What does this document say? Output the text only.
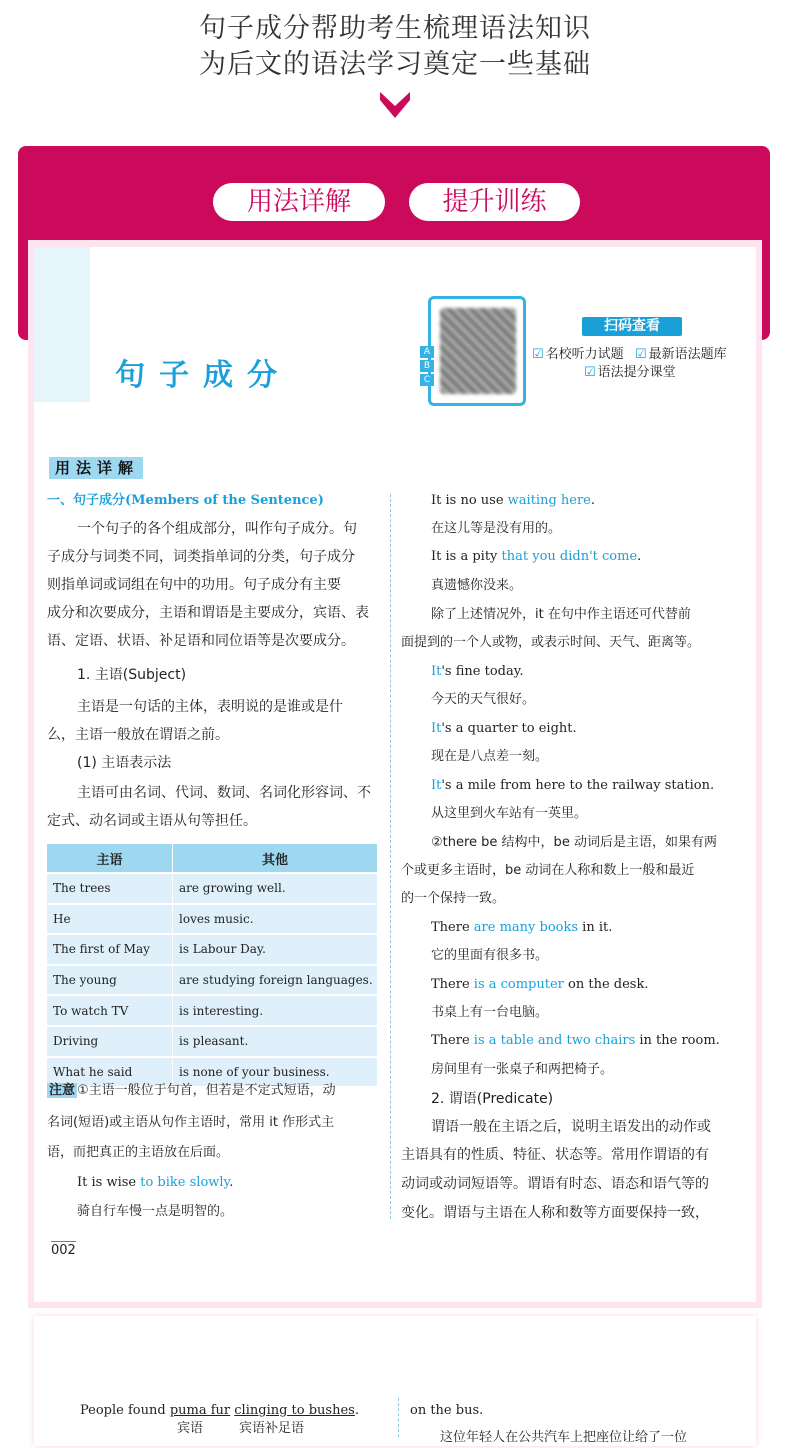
句子成分帮助考生梳理语法知识
为后文的语法学习奠定一些基础
用法详解	提升训练
句子成分
A
B
C
扫码查看
☑ 名校听力试题	☑ 最新语法题库
☑ 语法提分课堂
用法详解
一、句子成分(Members of the Sentence)
一个句子的各个组成部分，叫作句子成分。句
子成分与词类不同，词类指单词的分类，句子成分
则指单词或词组在句中的功用。句子成分有主要
成分和次要成分，主语和谓语是主要成分，宾语、表
语、定语、状语、补足语和同位语等是次要成分。
1. 主语(Subject)
主语是一句话的主体，表明说的是谁或是什
么，主语一般放在谓语之前。
(1) 主语表示法
主语可由名词、代词、数词、名词化形容词、不
定式、动名词或主语从句等担任。
主语	其他
The trees	are growing well.
He	loves music.
The first of May	is Labour Day.
The young	are studying foreign languages.
To watch TV	is interesting.
Driving	is pleasant.
What he said	is none of your business.
注意 ①主语一般位于句首，但若是不定式短语，动
名词(短语)或主语从句作主语时，常用 it 作形式主
语，而把真正的主语放在后面。
It is wise to bike slowly.
骑自行车慢一点是明智的。
It is no use waiting here.
在这儿等是没有用的。
It is a pity that you didn't come.
真遗憾你没来。
除了上述情况外，it 在句中作主语还可代替前
面提到的一个人或物，或表示时间、天气、距离等。
It's fine today.
今天的天气很好。
It's a quarter to eight.
现在是八点差一刻。
It's a mile from here to the railway station.
从这里到火车站有一英里。
②there be 结构中，be 动词后是主语，如果有两
个或更多主语时，be 动词在人称和数上一般和最近
的一个保持一致。
There are many books in it.
它的里面有很多书。
There is a computer on the desk.
书桌上有一台电脑。
There is a table and two chairs in the room.
房间里有一张桌子和两把椅子。
2. 谓语(Predicate)
谓语一般在主语之后，说明主语发出的动作或
主语具有的性质、特征、状态等。常用作谓语的有
动词或动词短语等。谓语有时态、语态和语气等的
变化。谓语与主语在人称和数等方面要保持一致，
002
People found puma fur clinging to bushes.
宾语	宾语补足语
on the bus.
这位年轻人在公共汽车上把座位让给了一位
